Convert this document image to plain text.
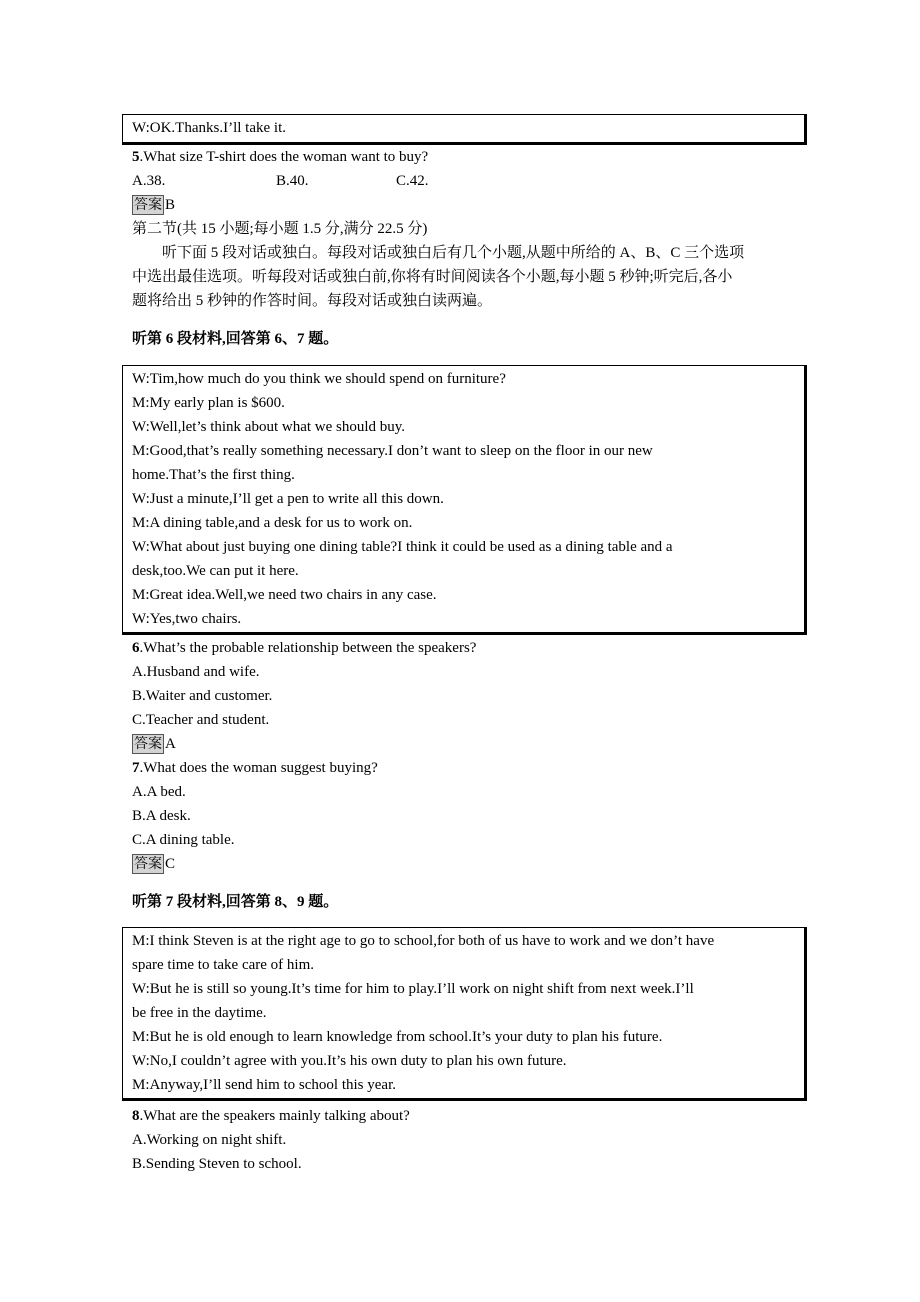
W:OK.Thanks.I’ll take it.
5.What size T-shirt does the woman want to buy?
A.38.	B.40.	C.42.
答案 B
第二节(共 15 小题;每小题 1.5 分,满分 22.5 分)
听下面 5 段对话或独白。每段对话或独白后有几个小题,从题中所给的 A、B、C 三个选项
中选出最佳选项。听每段对话或独白前,你将有时间阅读各个小题,每小题 5 秒钟;听完后,各小
题将给出 5 秒钟的作答时间。每段对话或独白读两遍。
听第 6 段材料,回答第 6、7 题。
W:Tim,how much do you think we should spend on furniture?
M:My early plan is $600.
W:Well,let’s think about what we should buy.
M:Good,that’s really something necessary.I don’t want to sleep on the floor in our new
home.That’s the first thing.
W:Just a minute,I’ll get a pen to write all this down.
M:A dining table,and a desk for us to work on.
W:What about just buying one dining table?I think it could be used as a dining table and a
desk,too.We can put it here.
M:Great idea.Well,we need two chairs in any case.
W:Yes,two chairs.
6.What’s the probable relationship between the speakers?
A.Husband and wife.
B.Waiter and customer.
C.Teacher and student.
答案 A
7.What does the woman suggest buying?
A.A bed.
B.A desk.
C.A dining table.
答案 C
听第 7 段材料,回答第 8、9 题。
M:I think Steven is at the right age to go to school,for both of us have to work and we don’t have
spare time to take care of him.
W:But he is still so young.It’s time for him to play.I’ll work on night shift from next week.I’ll
be free in the daytime.
M:But he is old enough to learn knowledge from school.It’s your duty to plan his future.
W:No,I couldn’t agree with you.It’s his own duty to plan his own future.
M:Anyway,I’ll send him to school this year.
8.What are the speakers mainly talking about?
A.Working on night shift.
B.Sending Steven to school.
